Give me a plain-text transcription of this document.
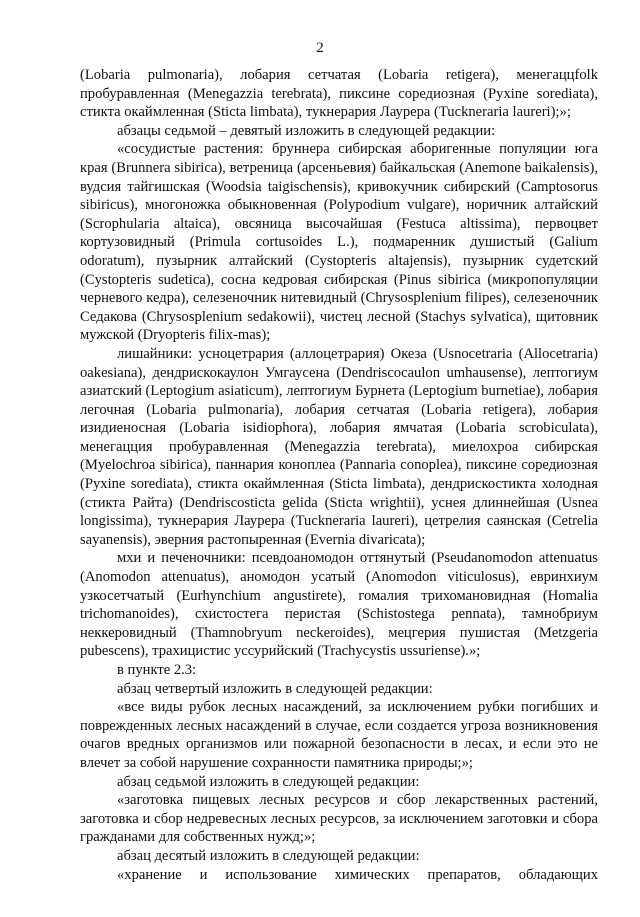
2

(Lobaria pulmonaria), лобария сетчатая (Lobaria retigera), менегаццfolk пробуравленная (Menegazzia terebrata), пиксине соредиозная (Pyxine sorediata), стикта окаймленная (Sticta limbata), тукнерария Лаурера (Tuckneraria laureri);»;

абзацы седьмой – девятый изложить в следующей редакции:

«сосудистые растения: бруннера сибирская аборигенные популяции юга края (Brunnera sibirica), ветреница (арсеньевия) байкальская (Anemone baikalensis), вудсия тайгишская (Woodsia taigischensis), кривокучник сибирский (Camptosorus sibiricus), многоножка обыкновенная (Polypodium vulgare), норичник алтайский (Scrophularia altaica), овсяница высочайшая (Festuca altissima), первоцвет кортузовидный (Primula cortusoides L.), подмаренник душистый (Galium odoratum), пузырник алтайский (Cystopteris altajensis), пузырник судетский (Cystopteris sudetica), сосна кедровая сибирская (Pinus sibirica (микропопуляции черневого кедра), селезеночник нитевидный (Chrysosplenium filipes), селезеночник Седакова (Chrysosplenium sedakowii), чистец лесной (Stachys sylvatica), щитовник мужской (Dryopteris filix-mas);

лишайники: усноцетрария (аллоцетрария) Океза (Usnocetraria (Allocetraria) oakesiana), дендрискокаулон Умгаусена (Dendriscocaulon umhausense), лептогиум азиатский (Leptogium asiaticum), лептогиум Бурнета (Leptogium burnetiae), лобария легочная (Lobaria pulmonaria), лобария сетчатая (Lobaria retigera), лобария изидиеносная (Lobaria isidiophora), лобария ямчатая (Lobaria scrobiculata), менегацция пробуравленная (Menegazzia terebrata), миелохроа сибирская (Myelochroa sibirica), паннария коноплеа (Pannaria conoplea), пиксине соредиозная (Pyxine sorediata), стикта окаймленная (Sticta limbata), дендрискостикта холодная (стикта Райта) (Dendriscosticta gelida (Sticta wrightii), уснея длиннейшая (Usnea longissima), тукнерария Лаурера (Tuckneraria laureri), цетрелия саянская (Cetrelia sayanensis), эверния растопыренная (Evernia divaricata);

мхи и печеночники: псевдоаномодон оттянутый (Pseudanomodon attenuatus (Anomodon attenuatus), аномодон усатый (Anomodon viticulosus), евринхиум узкосетчатый (Eurhynchium angustirete), гомалия трихомановидная (Homalia trichomanoides), схистостега перистая (Schistostega pennata), тамнобриум неккеровидный (Thamnobryum neckeroides), мецгерия пушистая (Metzgeria pubescens), трахицистис уссурийский (Trachycystis ussuriense).»;

в пункте 2.3:

абзац четвертый изложить в следующей редакции:

«все виды рубок лесных насаждений, за исключением рубки погибших и поврежденных лесных насаждений в случае, если создается угроза возникновения очагов вредных организмов или пожарной безопасности в лесах, и если это не влечет за собой нарушение сохранности памятника природы;»;

абзац седьмой изложить в следующей редакции:

«заготовка пищевых лесных ресурсов и сбор лекарственных растений, заготовка и сбор недревесных лесных ресурсов, за исключением заготовки и сбора гражданами для собственных нужд;»;

абзац десятый изложить в следующей редакции:

«хранение и использование химических препаратов, обладающих
